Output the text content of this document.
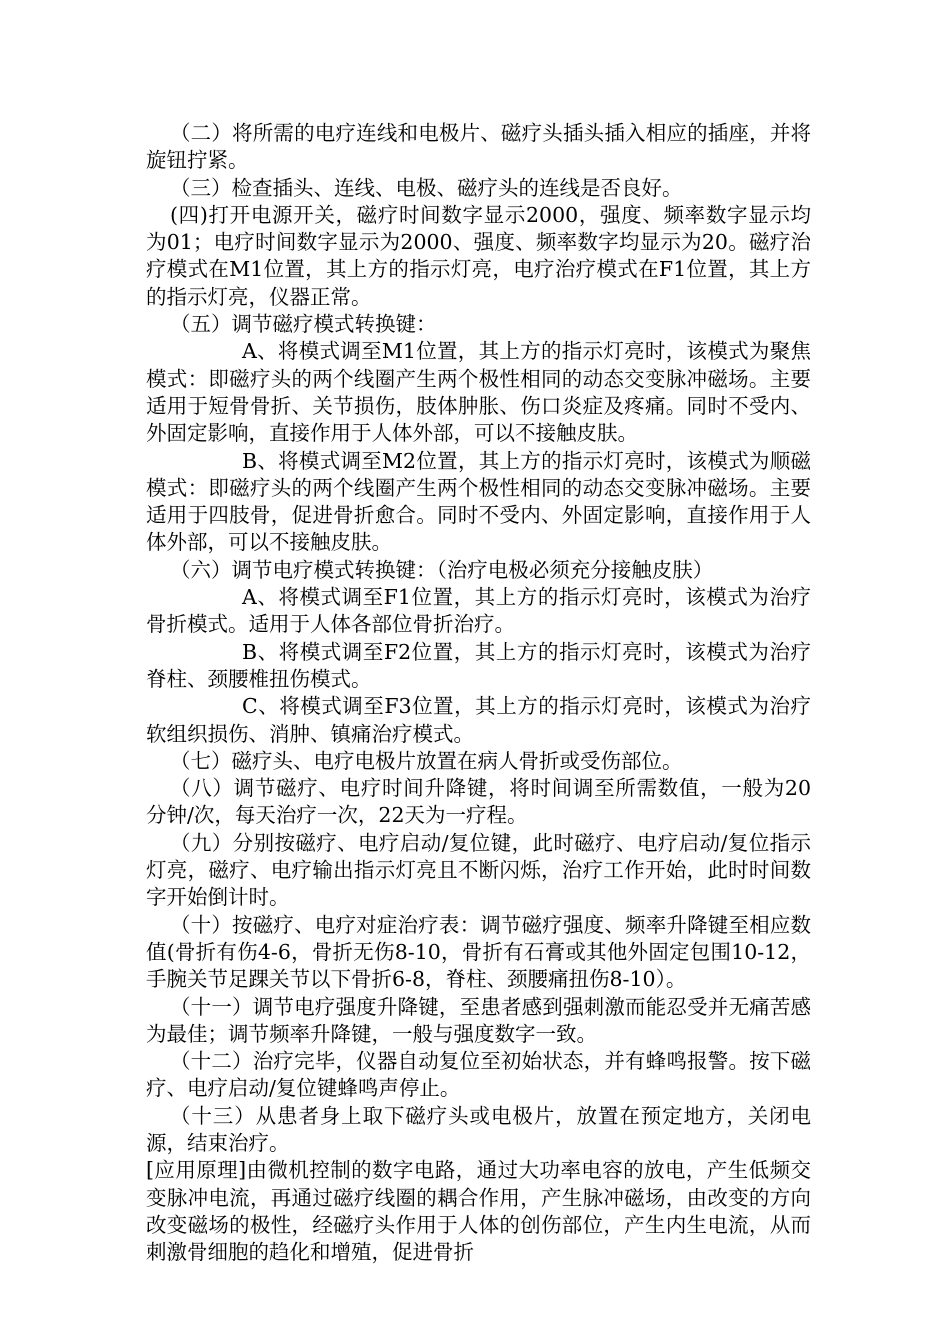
（二）将所需的电疗连线和电极片、磁疗头插头插入相应的插座，并将旋钮拧紧。

（三）检查插头、连线、电极、磁疗头的连线是否良好。

(四)打开电源开关，磁疗时间数字显示2000，强度、频率数字显示均为01；电疗时间数字显示为2000、强度、频率数字均显示为20。磁疗治疗模式在M1位置，其上方的指示灯亮，电疗治疗模式在F1位置，其上方的指示灯亮，仪器正常。

（五）调节磁疗模式转换键：

A、将模式调至M1位置，其上方的指示灯亮时，该模式为聚焦模式：即磁疗头的两个线圈产生两个极性相同的动态交变脉冲磁场。主要适用于短骨骨折、关节损伤，肢体肿胀、伤口炎症及疼痛。同时不受内、外固定影响，直接作用于人体外部，可以不接触皮肤。

B、将模式调至M2位置，其上方的指示灯亮时，该模式为顺磁模式：即磁疗头的两个线圈产生两个极性相同的动态交变脉冲磁场。主要适用于四肢骨，促进骨折愈合。同时不受内、外固定影响，直接作用于人体外部，可以不接触皮肤。

（六）调节电疗模式转换键：（治疗电极必须充分接触皮肤）

A、将模式调至F1位置，其上方的指示灯亮时，该模式为治疗骨折模式。适用于人体各部位骨折治疗。

B、将模式调至F2位置，其上方的指示灯亮时，该模式为治疗脊柱、颈腰椎扭伤模式。

C、将模式调至F3位置，其上方的指示灯亮时，该模式为治疗软组织损伤、消肿、镇痛治疗模式。

（七）磁疗头、电疗电极片放置在病人骨折或受伤部位。

（八）调节磁疗、电疗时间升降键，将时间调至所需数值，一般为20分钟/次，每天治疗一次，22天为一疗程。

（九）分别按磁疗、电疗启动/复位键，此时磁疗、电疗启动/复位指示灯亮，磁疗、电疗输出指示灯亮且不断闪烁，治疗工作开始，此时时间数字开始倒计时。

（十）按磁疗、电疗对症治疗表：调节磁疗强度、频率升降键至相应数值(骨折有伤4-6，骨折无伤8-10，骨折有石膏或其他外固定包围10-12，手腕关节足踝关节以下骨折6-8，脊柱、颈腰痛扭伤8-10）。

（十一）调节电疗强度升降键，至患者感到强刺激而能忍受并无痛苦感为最佳；调节频率升降键，一般与强度数字一致。

（十二）治疗完毕，仪器自动复位至初始状态，并有蜂鸣报警。按下磁疗、电疗启动/复位键蜂鸣声停止。

（十三）从患者身上取下磁疗头或电极片，放置在预定地方，关闭电源，结束治疗。

[应用原理]由微机控制的数字电路，通过大功率电容的放电，产生低频交变脉冲电流，再通过磁疗线圈的耦合作用，产生脉冲磁场，由改变的方向改变磁场的极性，经磁疗头作用于人体的创伤部位，产生内生电流，从而刺激骨细胞的趋化和增殖，促进骨折
